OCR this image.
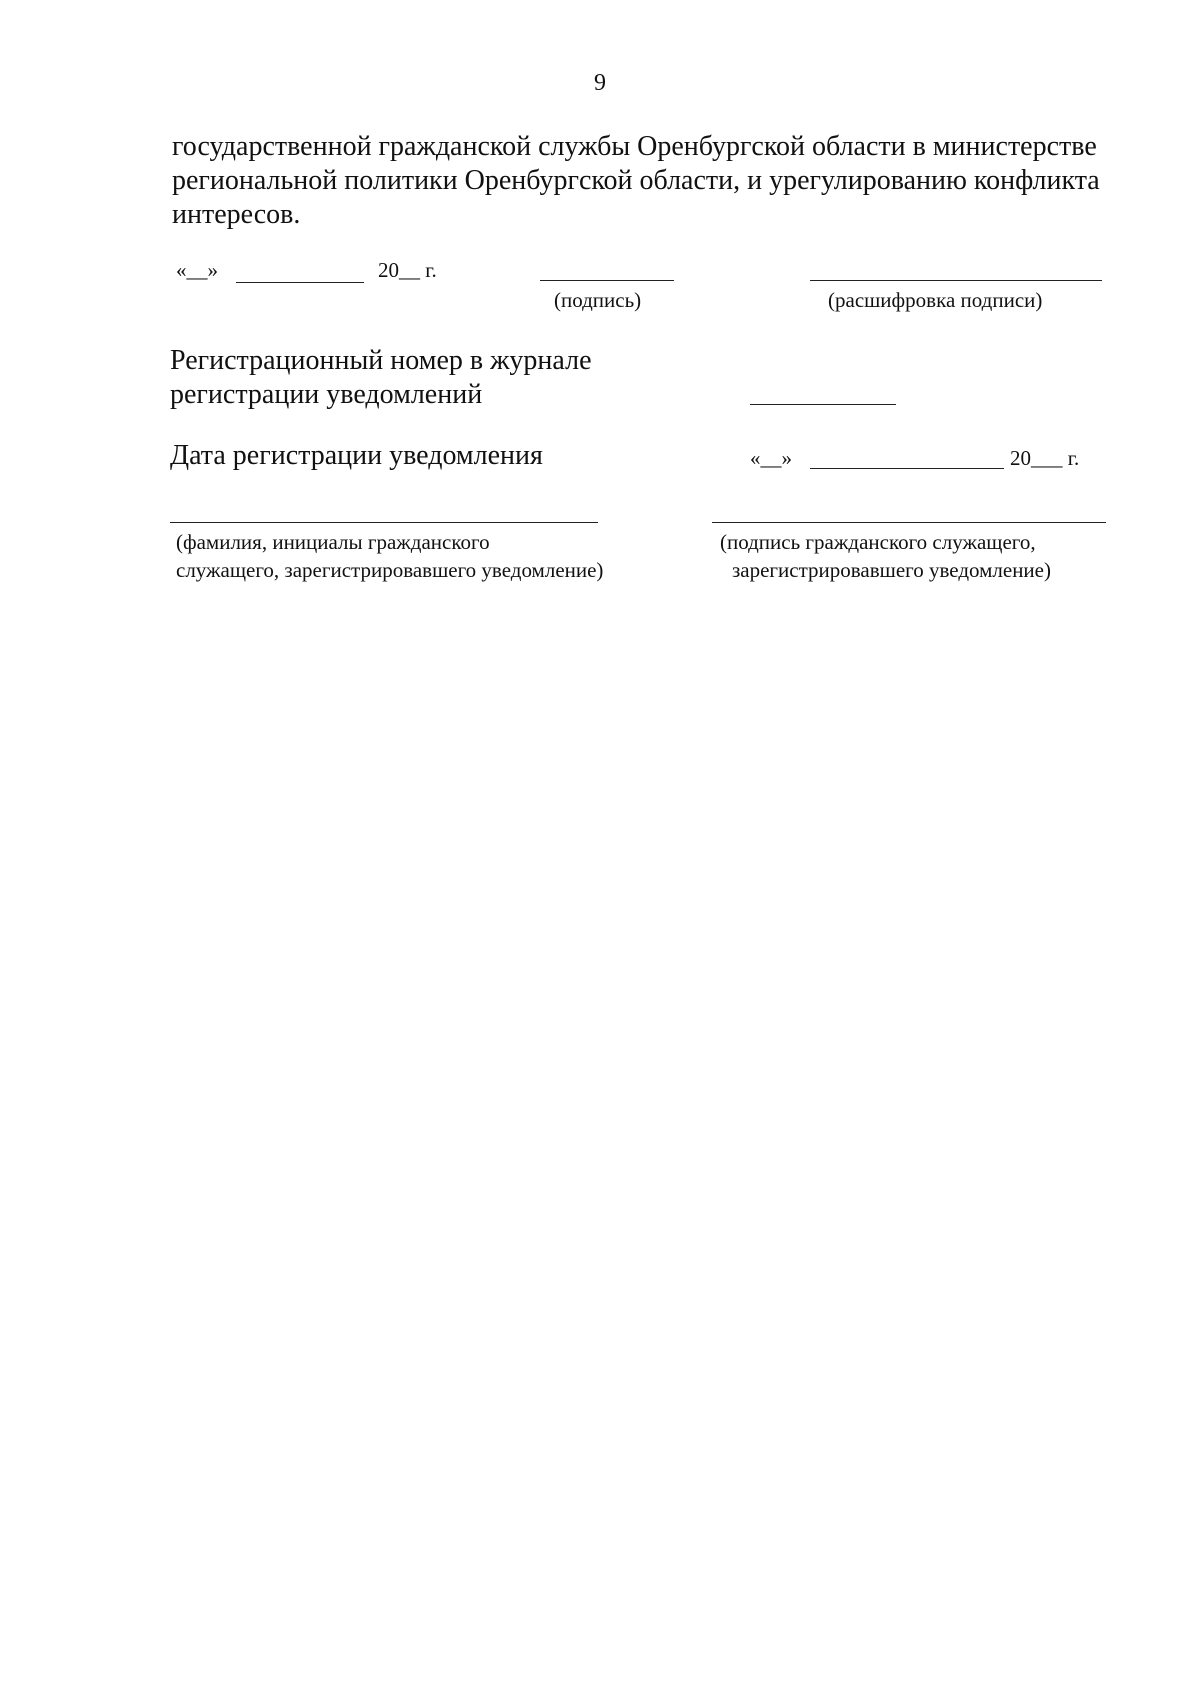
9
государственной гражданской службы Оренбургской области в министерстве
региональной политики Оренбургской области, и урегулированию конфликта
интересов.
«__»	20__ г.
(подпись)	(расшифровка подписи)
Регистрационный номер в журнале
регистрации уведомлений
Дата регистрации уведомления	«__»	20___ г.
(фамилия, инициалы гражданского
служащего, зарегистрировавшего уведомление)
(подпись гражданского служащего,
зарегистрировавшего уведомление)
